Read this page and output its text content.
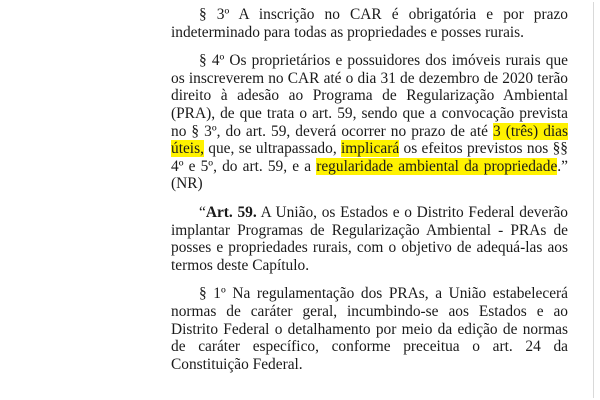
§ 3º A inscrição no CAR é obrigatória e por prazo indeterminado para todas as propriedades e posses rurais.

§ 4º Os proprietários e possuidores dos imóveis rurais que os inscreverem no CAR até o dia 31 de dezembro de 2020 terão direito à adesão ao Programa de Regularização Ambiental (PRA), de que trata o art. 59, sendo que a convocação prevista no § 3º, do art. 59, deverá ocorrer no prazo de até 3 (três) dias úteis, que, se ultrapassado, implicará os efeitos previstos nos §§ 4º e 5º, do art. 59, e a regularidade ambiental da propriedade.” (NR)

“Art. 59. A União, os Estados e o Distrito Federal deverão implantar Programas de Regularização Ambiental - PRAs de posses e propriedades rurais, com o objetivo de adequá-las aos termos deste Capítulo.

§ 1º Na regulamentação dos PRAs, a União estabelecerá normas de caráter geral, incumbindo-se aos Estados e ao Distrito Federal o detalhamento por meio da edição de normas de caráter específico, conforme preceitua o art. 24 da Constituição Federal.
